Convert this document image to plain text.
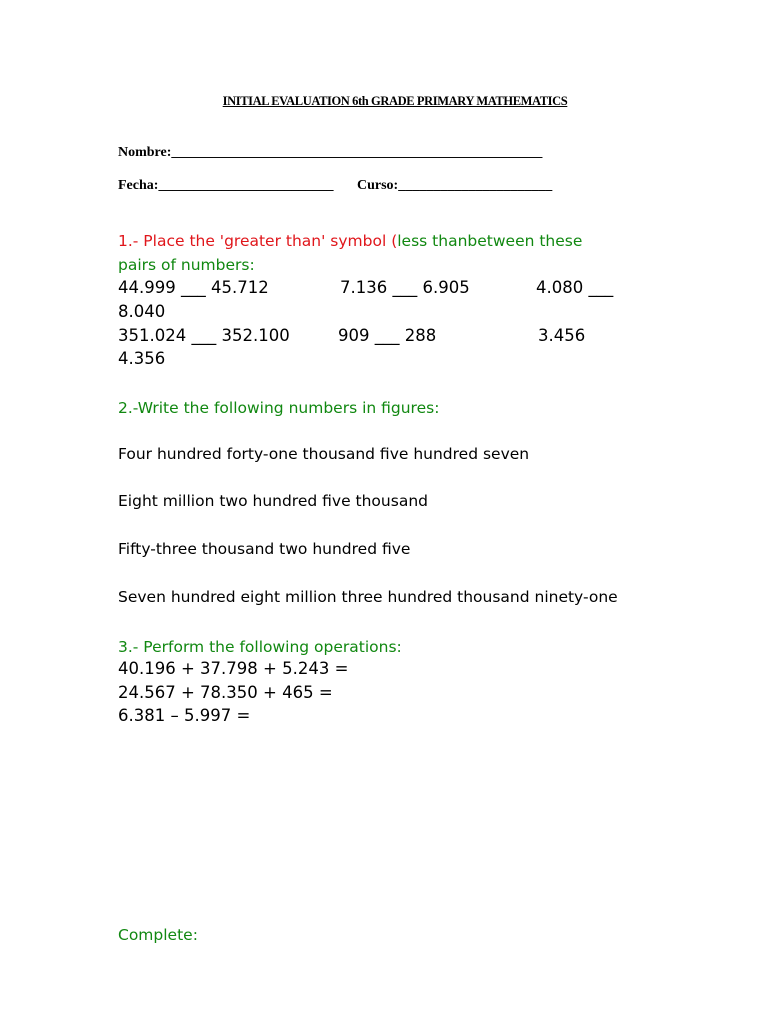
INITIAL EVALUATION 6th GRADE PRIMARY MATHEMATICS
Nombre:_____________________________________________________
Fecha:_________________________ Curso:______________________
1.- Place the 'greater than' symbol (less thanbetween these
pairs of numbers:
44.999 ___ 45.712	7.136 ___ 6.905	4.080 ___
8.040
351.024 ___ 352.100	909 ___ 288	3.456
4.356
2.-Write the following numbers in figures:
Four hundred forty-one thousand five hundred seven
Eight million two hundred five thousand
Fifty-three thousand two hundred five
Seven hundred eight million three hundred thousand ninety-one
3.- Perform the following operations:
40.196 + 37.798 + 5.243 =
24.567 + 78.350 + 465 =
6.381 – 5.997 =
Complete:
